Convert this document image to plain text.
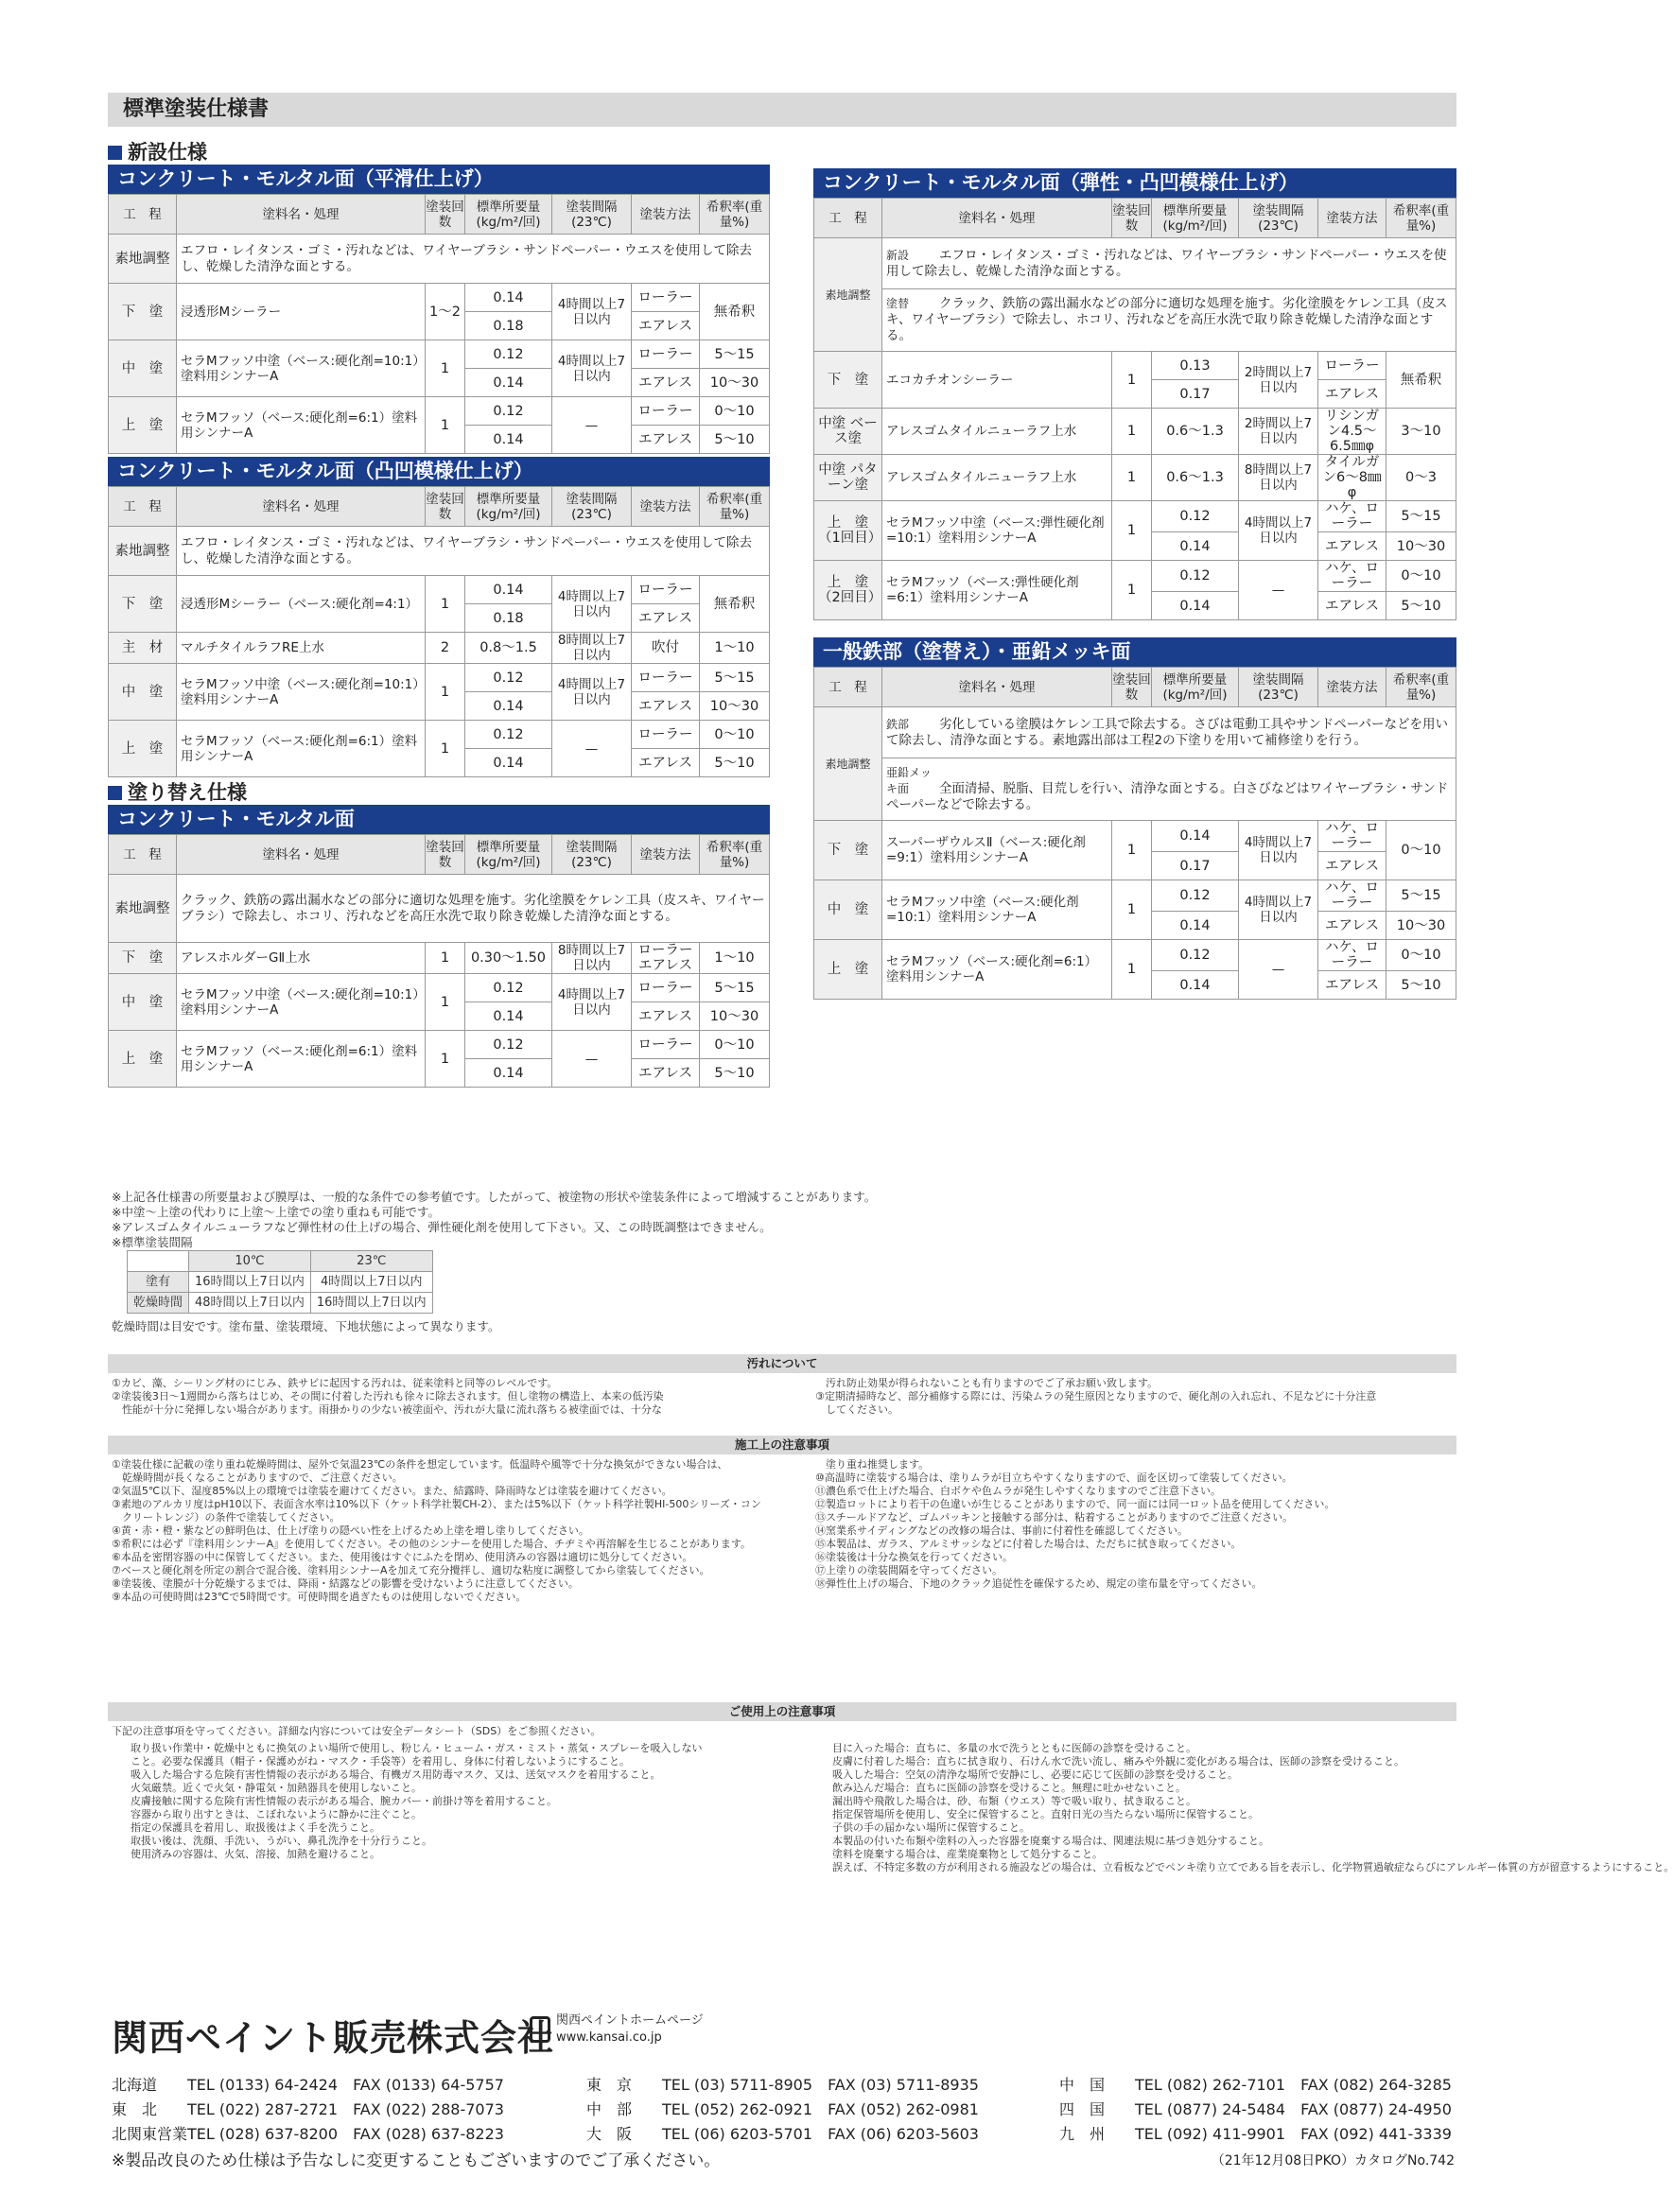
標準塗装仕様書
新設仕様
コンクリート・モルタル面（平滑仕上げ）
工　程	塗料名・処理	塗装回数	標準所要量(kg/m²/回)	塗装間隔(23℃)	塗装方法	希釈率(重量%)
素地調整	エフロ・レイタンス・ゴミ・汚れなどは、ワイヤーブラシ・サンドペーパー・ウエスを使用して除去し、乾燥した清浄な面とする。					
下　塗	浸透形Mシーラー	1〜2	0.14	4時間以上7日以内	ローラー	無希釈
			0.18		エアレス	
中　塗	セラMフッソ中塗（ベース:硬化剤=10:1）塗料用シンナーA	1	0.12	4時間以上7日以内	ローラー	5〜15
			0.14		エアレス	10〜30
上　塗	セラMフッソ（ベース:硬化剤=6:1）塗料用シンナーA	1	0.12	—	ローラー	0〜10
			0.14		エアレス	5〜10
コンクリート・モルタル面（凸凹模様仕上げ）
工　程	塗料名・処理	塗装回数	標準所要量(kg/m²/回)	塗装間隔(23℃)	塗装方法	希釈率(重量%)
素地調整	エフロ・レイタンス・ゴミ・汚れなどは、ワイヤーブラシ・サンドペーパー・ウエスを使用して除去し、乾燥した清浄な面とする。					
下　塗	浸透形Mシーラー（ベース:硬化剤=4:1）	1	0.14	4時間以上7日以内	ローラー	無希釈
			0.18		エアレス	
主　材	マルチタイルラフRE上水	2	0.8〜1.5	8時間以上7日以内	吹付	1〜10
中　塗	セラMフッソ中塗（ベース:硬化剤=10:1）塗料用シンナーA	1	0.12	4時間以上7日以内	ローラー	5〜15
			0.14		エアレス	10〜30
上　塗	セラMフッソ（ベース:硬化剤=6:1）塗料用シンナーA	1	0.12	—	ローラー	0〜10
			0.14		エアレス	5〜10
塗り替え仕様
コンクリート・モルタル面
工　程	塗料名・処理	塗装回数	標準所要量(kg/m²/回)	塗装間隔(23℃)	塗装方法	希釈率(重量%)
素地調整	クラック、鉄筋の露出漏水などの部分に適切な処理を施す。劣化塗膜をケレン工具（皮スキ、ワイヤーブラシ）で除去し、ホコリ、汚れなどを高圧水洗で取り除き乾燥した清浄な面とする。					
下　塗	アレスホルダーGⅡ上水	1	0.30〜1.50	8時間以上7日以内	ローラーエアレス	1〜10
中　塗	セラMフッソ中塗（ベース:硬化剤=10:1）塗料用シンナーA	1	0.12	4時間以上7日以内	ローラー	5〜15
			0.14		エアレス	10〜30
上　塗	セラMフッソ（ベース:硬化剤=6:1）塗料用シンナーA	1	0.12	—	ローラー	0〜10
			0.14		エアレス	5〜10
コンクリート・モルタル面（弾性・凸凹模様仕上げ）
工　程	塗料名・処理	塗装回数	標準所要量(kg/m²/回)	塗装間隔(23℃)	塗装方法	希釈率(重量%)
素地調整	新設 エフロ・レイタンス・ゴミ・汚れなどは、ワイヤーブラシ・サンドペーパー・ウエスを使用して除去し、乾燥した清浄な面とする。					
	塗替 クラック、鉄筋の露出漏水などの部分に適切な処理を施す。劣化塗膜をケレン工具（皮スキ、ワイヤーブラシ）で除去し、ホコリ、汚れなどを高圧水洗で取り除き乾燥した清浄な面とする。					
下　塗	エコカチオンシーラー	1	0.13	2時間以上7日以内	ローラー	無希釈
			0.17		エアレス	
中塗 ベース塗	アレスゴムタイルニューラフ上水	1	0.6〜1.3	2時間以上7日以内	リシンガン4.5〜6.5㎜φ	3〜10
中塗 パターン塗	アレスゴムタイルニューラフ上水	1	0.6〜1.3	8時間以上7日以内	タイルガン6〜8㎜φ	0〜3
上　塗（1回目）	セラMフッソ中塗（ベース:弾性硬化剤=10:1）塗料用シンナーA	1	0.12	4時間以上7日以内	ハケ、ローラー	5〜15
			0.14		エアレス	10〜30
上　塗（2回目）	セラMフッソ（ベース:弾性硬化剤=6:1）塗料用シンナーA	1	0.12	—	ハケ、ローラー	0〜10
			0.14		エアレス	5〜10
一般鉄部（塗替え）・亜鉛メッキ面
工　程	塗料名・処理	塗装回数	標準所要量(kg/m²/回)	塗装間隔(23℃)	塗装方法	希釈率(重量%)
素地調整	鉄部 劣化している塗膜はケレン工具で除去する。さびは電動工具やサンドペーパーなどを用いて除去し、清浄な面とする。素地露出部は工程2の下塗りを用いて補修塗りを行う。					
	亜鉛メッキ面 全面清掃、脱脂、目荒しを行い、清浄な面とする。白さびなどはワイヤーブラシ・サンドペーパーなどで除去する。					
下　塗	スーパーザウルスⅡ（ベース:硬化剤=9:1）塗料用シンナーA	1	0.14	4時間以上7日以内	ハケ、ローラー	0〜10
			0.17		エアレス	
中　塗	セラMフッソ中塗（ベース:硬化剤=10:1）塗料用シンナーA	1	0.12	4時間以上7日以内	ハケ、ローラー	5〜15
			0.14		エアレス	10〜30
上　塗	セラMフッソ（ベース:硬化剤=6:1）塗料用シンナーA	1	0.12	—	ハケ、ローラー	0〜10
			0.14		エアレス	5〜10

※上記各仕様書の所要量および膜厚は、一般的な条件での参考値です。したがって、被塗物の形状や塗装条件によって増減することがあります。

※中塗〜上塗の代わりに上塗〜上塗での塗り重ねも可能です。

※アレスゴムタイルニューラフなど弾性材の仕上げの場合、弾性硬化剤を使用して下さい。又、この時既調整はできません。

※標準塗装間隔

	10℃	23℃
塗有	16時間以上7日以内	4時間以上7日以内
乾燥時間	48時間以上7日以内	16時間以上7日以内

乾燥時間は目安です。塗布量、塗装環境、下地状態によって異なります。

汚れについて

①カビ、藻、シーリング材のにじみ、鉄サビに起因する汚れは、従来塗料と同等のレベルです。

②塗装後3日〜1週間から落ちはじめ、その間に付着した汚れも徐々に除去されます。但し塗物の構造上、本来の低汚染

　性能が十分に発揮しない場合があります。雨掛かりの少ない被塗面や、汚れが大量に流れ落ちる被塗面では、十分な

　汚れ防止効果が得られないことも有りますのでご了承お願い致します。

③定期清掃時など、部分補修する際には、汚染ムラの発生原因となりますので、硬化剤の入れ忘れ、不足などに十分注意

　してください。

施工上の注意事項

①塗装仕様に記載の塗り重ね乾燥時間は、屋外で気温23℃の条件を想定しています。低温時や風等で十分な換気ができない場合は、

　乾燥時間が長くなることがありますので、ご注意ください。

②気温5℃以下、湿度85%以上の環境では塗装を避けてください。また、結露時、降雨時などは塗装を避けてください。

③素地のアルカリ度はpH10以下、表面含水率は10%以下（ケット科学社製CH-2）、または5%以下（ケット科学社製HI-500シリーズ・コン

　クリートレンジ）の条件で塗装してください。

④黄・赤・橙・紫などの鮮明色は、仕上げ塗りの隠ぺい性を上げるため上塗を増し塗りしてください。

⑤希釈には必ず『塗料用シンナーA』を使用してください。その他のシンナーを使用した場合、チヂミや再溶解を生じることがあります。

⑥本品を密閉容器の中に保管してください。また、使用後はすぐにふたを閉め、使用済みの容器は適切に処分してください。

⑦ベースと硬化剤を所定の割合で混合後、塗料用シンナーAを加えて充分攪拌し、適切な粘度に調整してから塗装してください。

⑧塗装後、塗膜が十分乾燥するまでは、降雨・結露などの影響を受けないように注意してください。

⑨本品の可使時間は23℃で5時間です。可使時間を過ぎたものは使用しないでください。

　塗り重ね推奨します。

⑩高温時に塗装する場合は、塗りムラが目立ちやすくなりますので、面を区切って塗装してください。

⑪濃色系で仕上げた場合、白ボケや色ムラが発生しやすくなりますのでご注意下さい。

⑫製造ロットにより若干の色違いが生じることがありますので、同一面には同一ロット品を使用してください。

⑬スチールドアなど、ゴムパッキンと接触する部分は、粘着することがありますのでご注意ください。

⑭窯業系サイディングなどの改修の場合は、事前に付着性を確認してください。

⑮本製品は、ガラス、アルミサッシなどに付着した場合は、ただちに拭き取ってください。

⑯塗装後は十分な換気を行ってください。

⑰上塗りの塗装間隔を守ってください。

⑱弾性仕上げの場合、下地のクラック追従性を確保するため、規定の塗布量を守ってください。

ご使用上の注意事項

下記の注意事項を守ってください。詳細な内容については安全データシート（SDS）をご参照ください。

取り扱い作業中・乾燥中ともに換気のよい場所で使用し、粉じん・ヒューム・ガス・ミスト・蒸気・スプレーを吸入しない

こと。必要な保護具（帽子・保護めがね・マスク・手袋等）を着用し、身体に付着しないようにすること。

吸入した場合する危険有害性情報の表示がある場合、有機ガス用防毒マスク、又は、送気マスクを着用すること。

火気厳禁。近くで火気・静電気・加熱器具を使用しないこと。

皮膚接触に関する危険有害性情報の表示がある場合、腕カバー・前掛け等を着用すること。

容器から取り出すときは、こぼれないように静かに注ぐこと。

指定の保護具を着用し、取扱後はよく手を洗うこと。

取扱い後は、洗顔、手洗い、うがい、鼻孔洗浄を十分行うこと。

使用済みの容器は、火気、溶接、加熱を避けること。

目に入った場合：直ちに、多量の水で洗うとともに医師の診察を受けること。

皮膚に付着した場合：直ちに拭き取り、石けん水で洗い流し、痛みや外観に変化がある場合は、医師の診察を受けること。

吸入した場合：空気の清浄な場所で安静にし、必要に応じて医師の診察を受けること。

飲み込んだ場合：直ちに医師の診察を受けること。無理に吐かせないこと。

漏出時や飛散した場合は、砂、布類（ウエス）等で吸い取り、拭き取ること。

指定保管場所を使用し、安全に保管すること。直射日光の当たらない場所に保管すること。

子供の手の届かない場所に保管すること。

本製品の付いた布類や塗料の入った容器を廃棄する場合は、関連法規に基づき処分すること。

塗料を廃棄する場合は、産業廃棄物として処分すること。

誤えば、不特定多数の方が利用される施設などの場合は、立看板などでペンキ塗り立てである旨を表示し、化学物質過敏症ならびにアレルギー体質の方が留意するようにすること。

関西ペイント販売株式会社 関西ペイントホームページ
www.kansai.co.jp
北海道　 TEL (0133) 64-2424　 FAX (0133) 64-5757
東　北　 TEL (022) 287-2721　 FAX (022) 288-7073
北関東営業　TEL (028) 637-8200　 FAX (028) 637-8223
東　京　 TEL (03) 5711-8905　 FAX (03) 5711-8935
中　部　 TEL (052) 262-0921　 FAX (052) 262-0981
大　阪　 TEL (06) 6203-5701　 FAX (06) 6203-5603
中　国　 TEL (082) 262-7101　 FAX (082) 264-3285
四　国　 TEL (0877) 24-5484　 FAX (0877) 24-4950
九　州　 TEL (092) 411-9901　 FAX (092) 441-3339
※製品改良のため仕様は予告なしに変更することもございますのでご了承ください。	（21年12月08日PKO）カタログNo.742
